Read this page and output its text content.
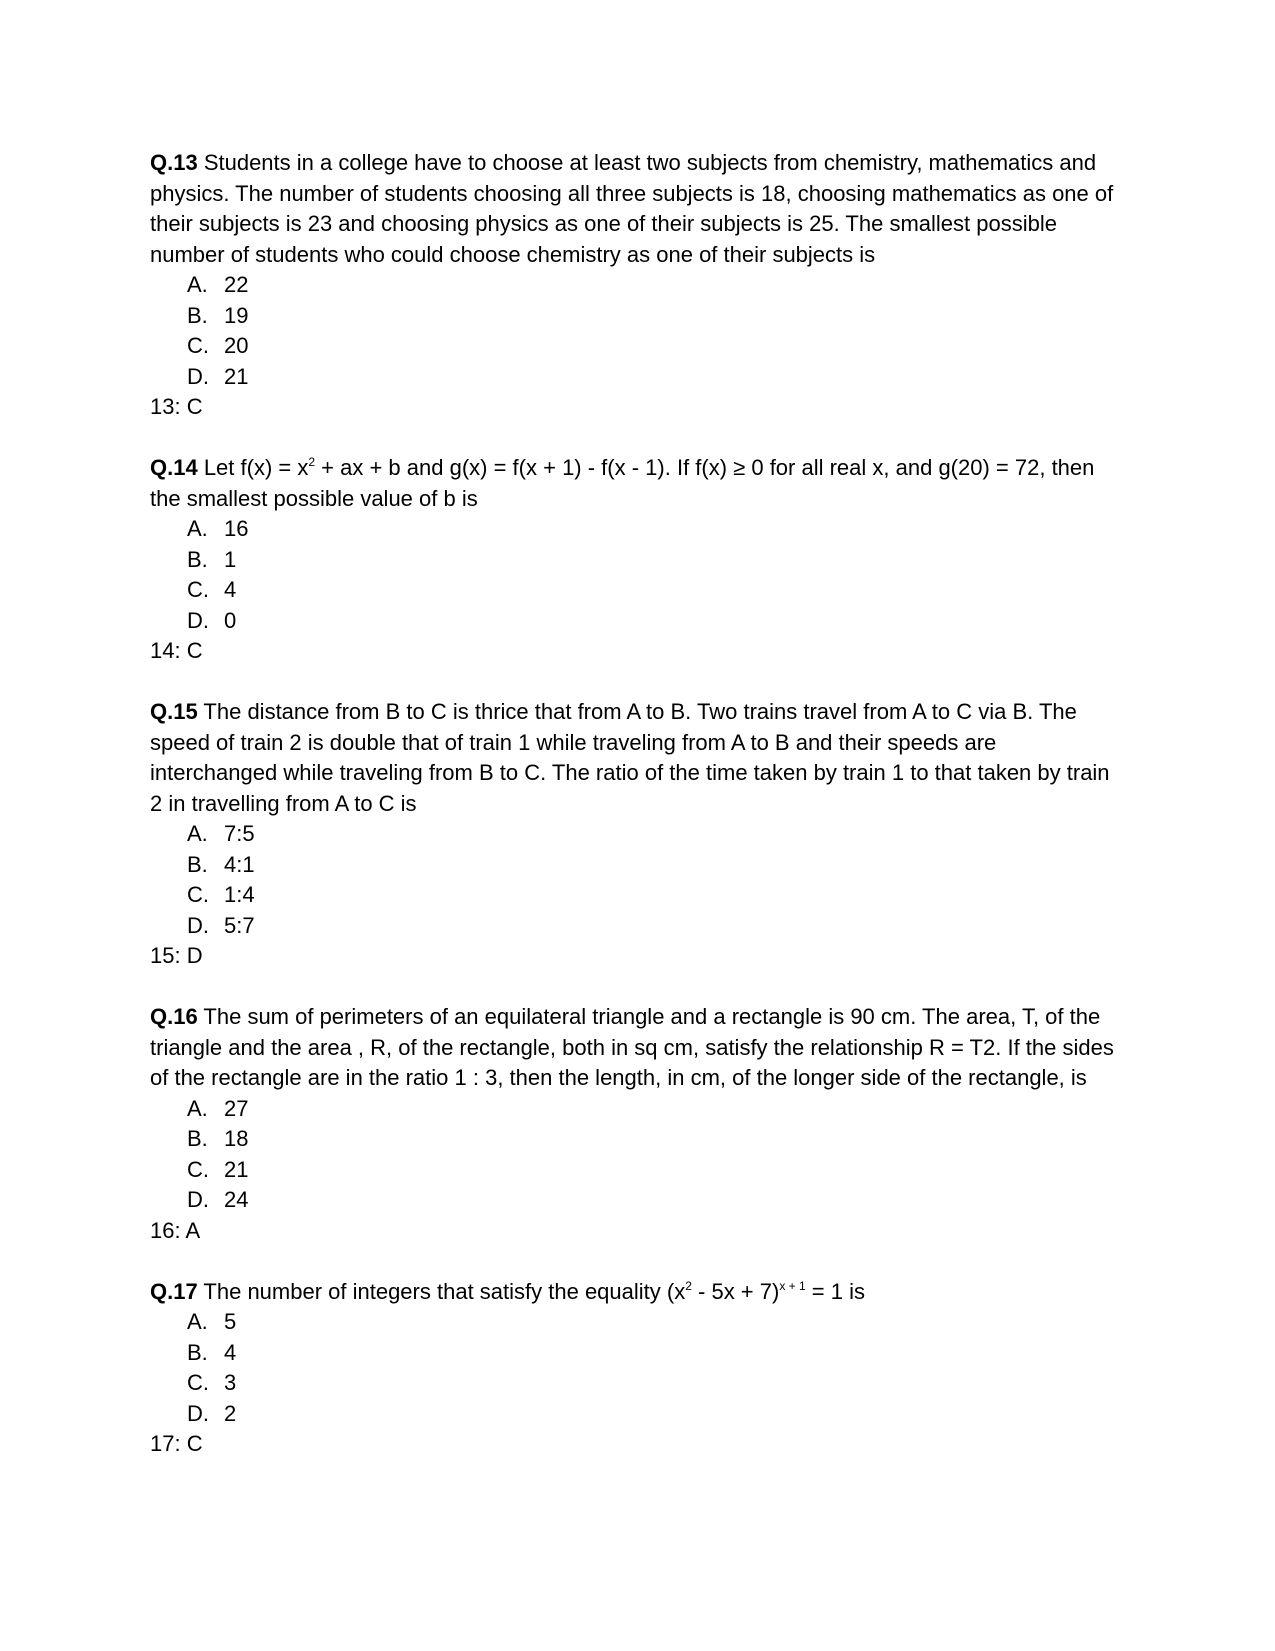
Q.13 Students in a college have to choose at least two subjects from chemistry, mathematics and physics. The number of students choosing all three subjects is 18, choosing mathematics as one of their subjects is 23 and choosing physics as one of their subjects is 25. The smallest possible number of students who could choose chemistry as one of their subjects is

A. 22
B. 19
C. 20
D. 21

13: C

Q.14 Let $f(x) = x^2$ + ax + b and g(x) = f(x + 1) - f(x - 1). If f(x) ≥ 0 for all real x, and g(20) = 72, then the smallest possible value of b is

A. 16
B. 1
C. 4
D. 0

14: C

Q.15 The distance from B to C is thrice that from A to B. Two trains travel from A to C via B. The speed of train 2 is double that of train 1 while traveling from A to B and their speeds are interchanged while traveling from B to C. The ratio of the time taken by train 1 to that taken by train 2 in travelling from A to C is

A. 7:5
B. 4:1
C. 1:4
D. 5:7

15: D

Q.16 The sum of perimeters of an equilateral triangle and a rectangle is 90 cm. The area, T, of the triangle and the area , R, of the rectangle, both in sq cm, satisfy the relationship R = T2. If the sides of the rectangle are in the ratio 1 : 3, then the length, in cm, of the longer side of the rectangle, is

A. 27
B. 18
C. 21
D. 24

16: A

Q.17 The number of integers that satisfy the equality $(x^2 - 5x + 7)^{x + 1} = 1$ is

A. 5
B. 4
C. 3
D. 2

17: C
